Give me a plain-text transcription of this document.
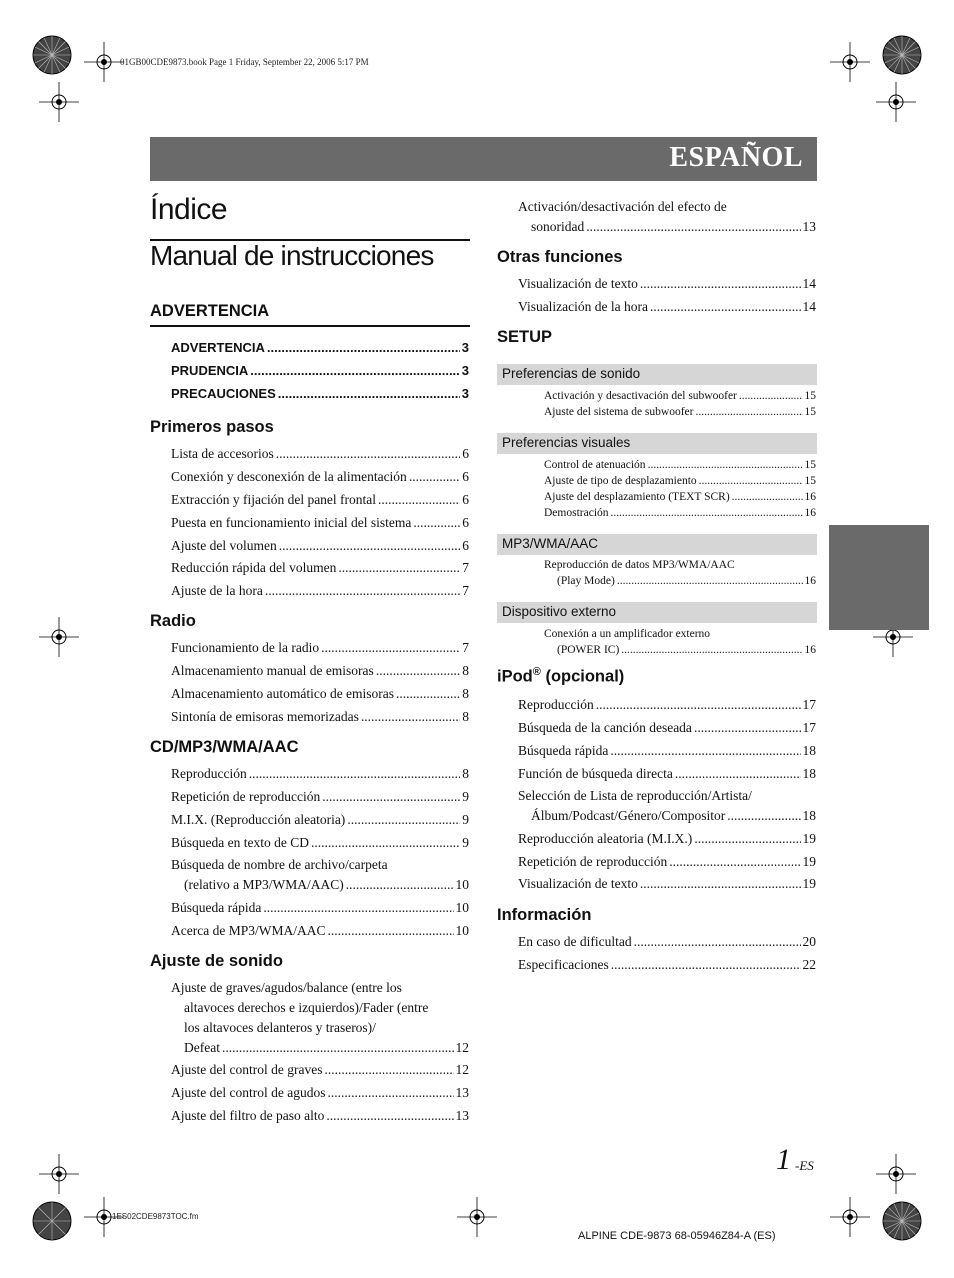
01GB00CDE9873.book Page 1 Friday, September 22, 2006 5:17 PM
1ES02CDE9873TOC.fm
ALPINE CDE-9873 68-05946Z84-A (ES)
ESPAÑOL
Índice
Manual de instrucciones
ADVERTENCIA
ADVERTENCIA .....	3
PRUDENCIA .....	3
PRECAUCIONES .....	3
Primeros pasos
Lista de accesorios .....	6
Conexión y desconexión de la alimentación .....	6
Extracción y fijación del panel frontal .....	6
Puesta en funcionamiento inicial del sistema .....	6
Ajuste del volumen .....	6
Reducción rápida del volumen .....	7
Ajuste de la hora .....	7
Radio
Funcionamiento de la radio .....	7
Almacenamiento manual de emisoras .....	8
Almacenamiento automático de emisoras .....	8
Sintonía de emisoras memorizadas .....	8
CD/MP3/WMA/AAC
Reproducción .....	8
Repetición de reproducción .....	9
M.I.X. (Reproducción aleatoria) .....	9
Búsqueda en texto de CD .....	9
Búsqueda de nombre de archivo/carpeta
(relativo a MP3/WMA/AAC) .....	10
Búsqueda rápida .....	10
Acerca de MP3/WMA/AAC .....	10
Ajuste de sonido
Ajuste de graves/agudos/balance (entre los
altavoces derechos e izquierdos)/Fader (entre
los altavoces delanteros y traseros)/
Defeat .....	12
Ajuste del control de graves .....	12
Ajuste del control de agudos .....	13
Ajuste del filtro de paso alto .....	13
Activación/desactivación del efecto de
sonoridad .....	13
Otras funciones
Visualización de texto .....	14
Visualización de la hora .....	14
SETUP
Preferencias de sonido
Activación y desactivación del subwoofer .....	15
Ajuste del sistema de subwoofer .....	15
Preferencias visuales
Control de atenuación .....	15
Ajuste de tipo de desplazamiento .....	15
Ajuste del desplazamiento (TEXT SCR) .....	16
Demostración .....	16
MP3/WMA/AAC
Reproducción de datos MP3/WMA/AAC
(Play Mode) .....	16
Dispositivo externo
Conexión a un amplificador externo
(POWER IC) .....	16
iPod® (opcional)
Reproducción .....	17
Búsqueda de la canción deseada .....	17
Búsqueda rápida .....	18
Función de búsqueda directa .....	18
Selección de Lista de reproducción/Artista/
Álbum/Podcast/Género/Compositor .....	18
Reproducción aleatoria (M.I.X.) .....	19
Repetición de reproducción .....	19
Visualización de texto .....	19
Información
En caso de dificultad .....	20
Especificaciones .....	22
1 -ES
